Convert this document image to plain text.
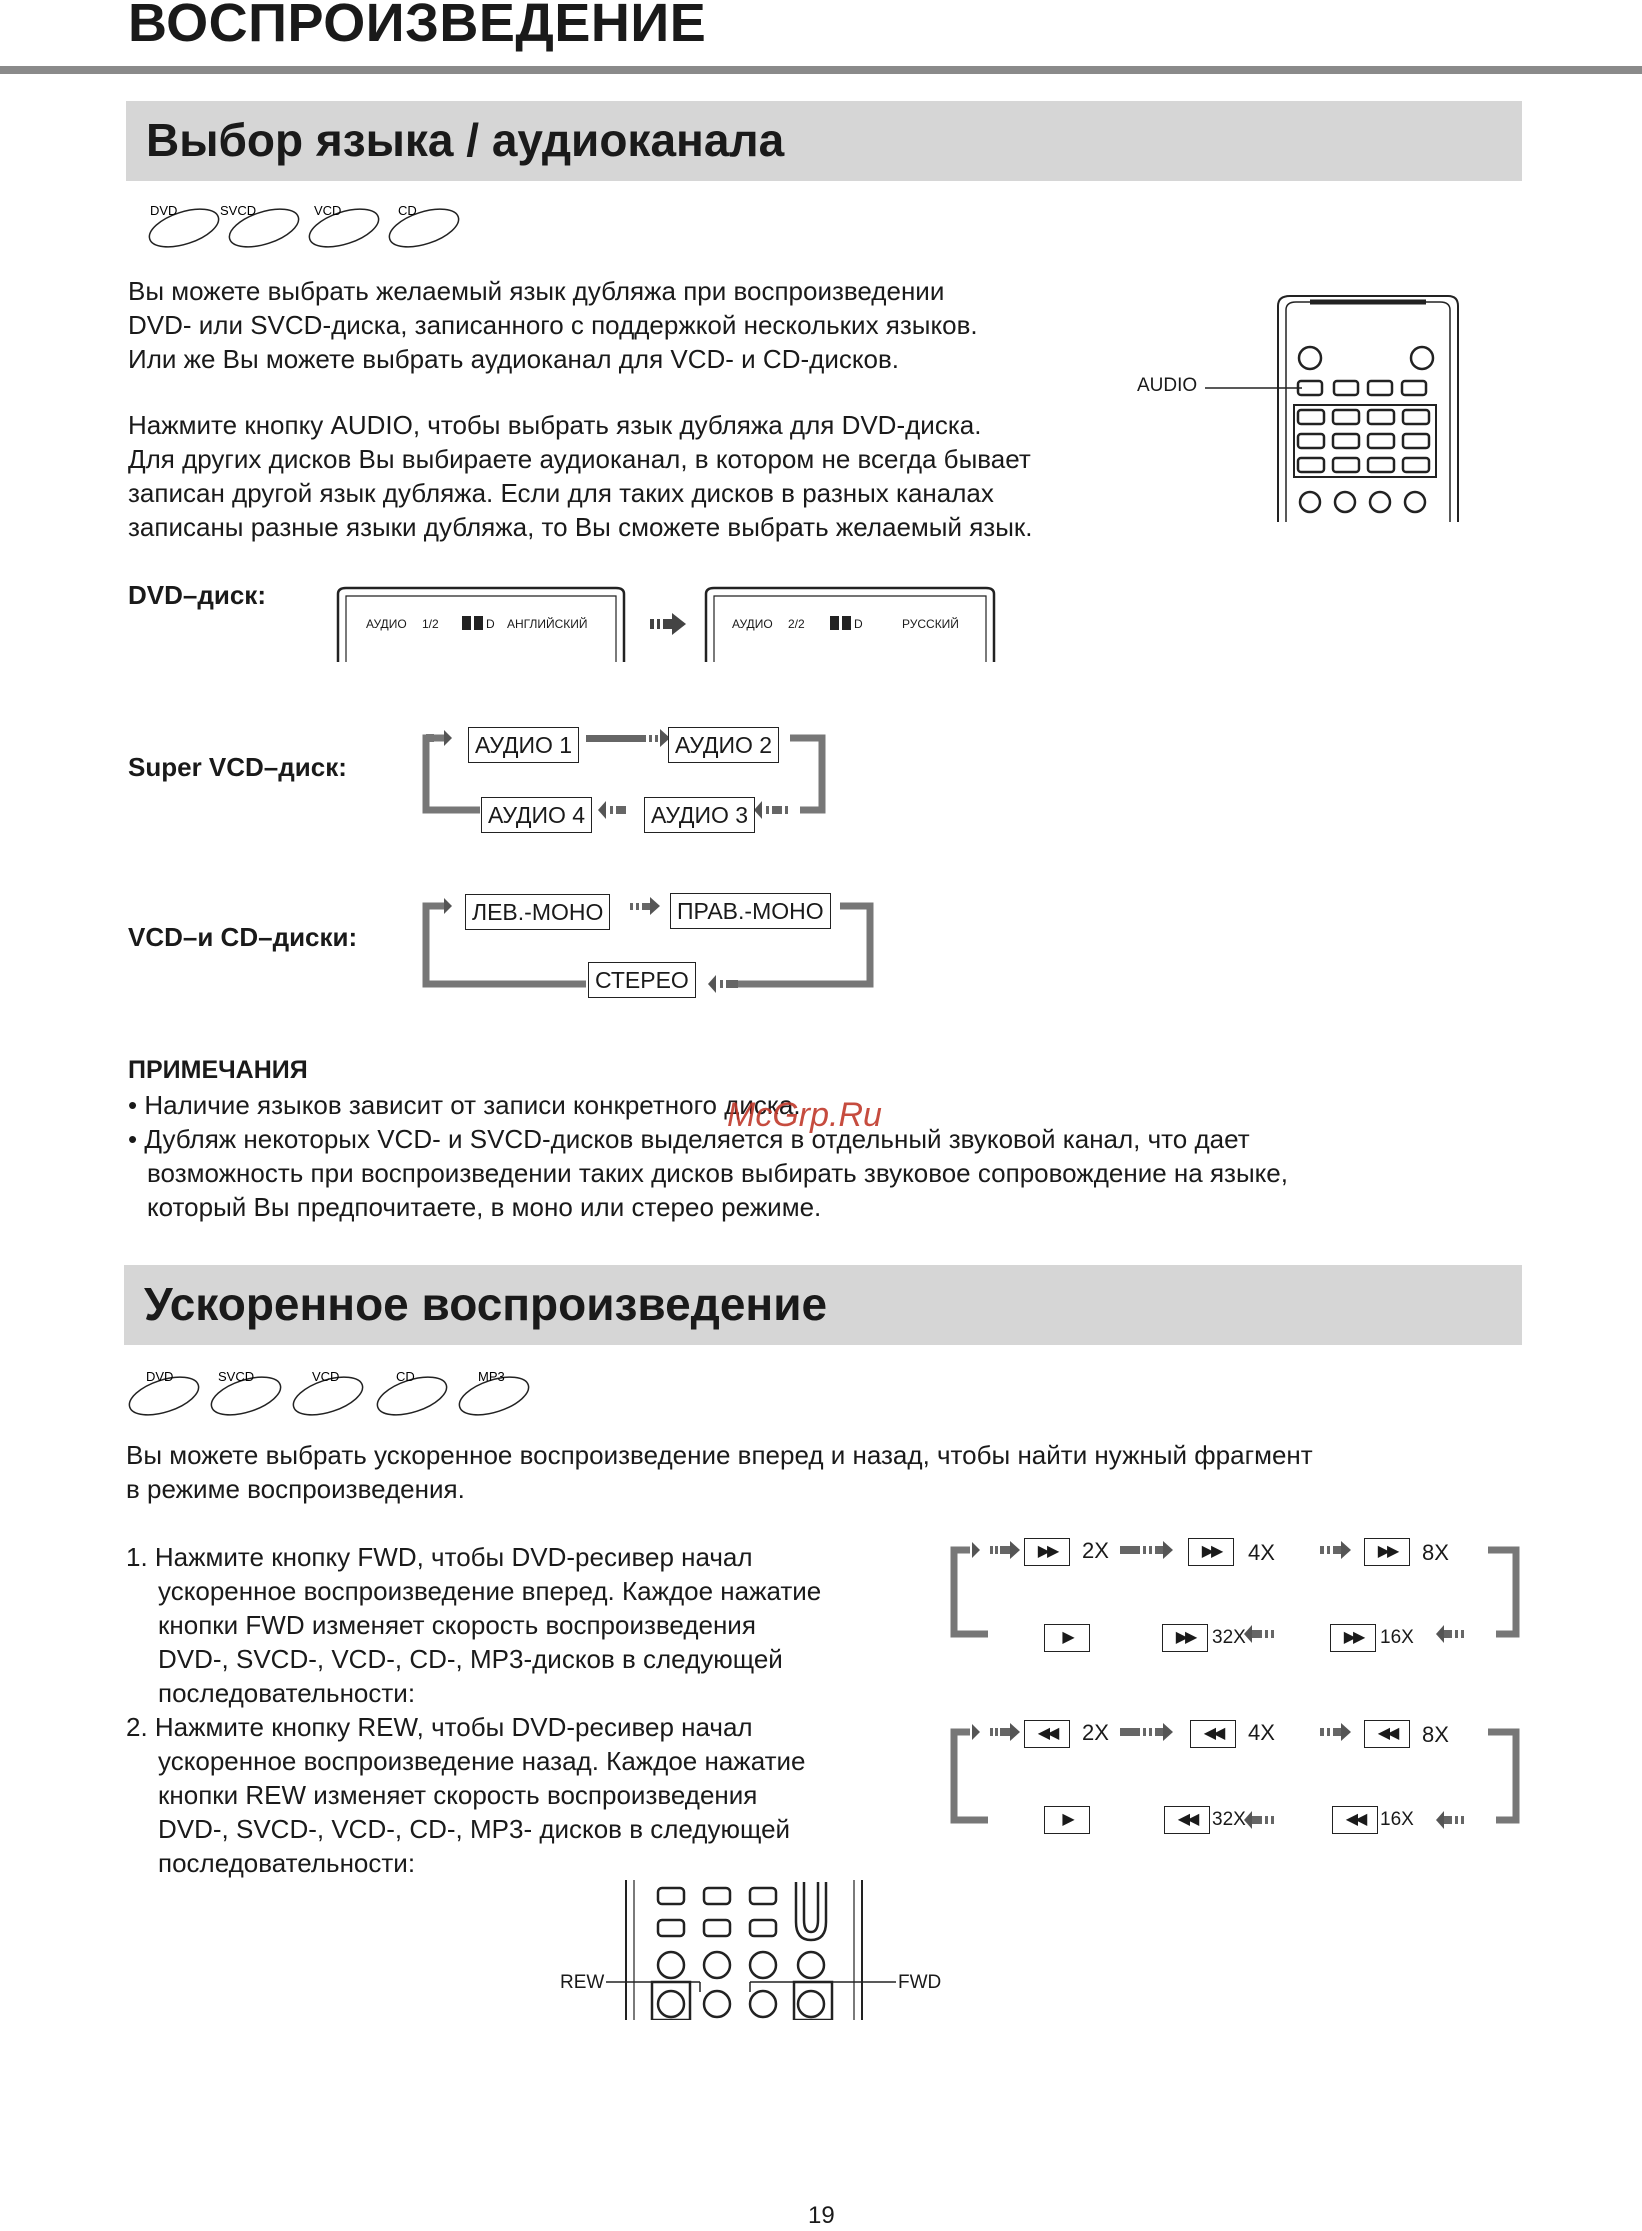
ВОСПРОИЗВЕДЕНИЕ
Выбор языка / аудиоканала
DVD	SVCD	VCD	CD
Вы можете выбрать желаемый язык дубляжа при воспроизведении
DVD- или SVCD-диска, записанного с поддержкой нескольких языков.
Или же Вы можете выбрать аудиоканал для VCD- и CD-дисков.
Нажмите кнопку AUDIO, чтобы выбрать язык дубляжа для DVD-диска.
Для других дисков Вы выбираете аудиоканал, в котором не всегда бывает
записан другой язык дубляжа. Если для таких дисков в разных каналах
записаны разные языки дубляжа, то Вы сможете выбрать желаемый язык.
AUDIO
DVD–диск:
АУДИО 1/2	D АНГЛИЙСКИЙ	АУДИО 2/2	D	РУССКИЙ
Super VCD–диск:
АУДИО 1	АУДИО 2
АУДИО 3
АУДИО 4
VCD–и CD–диски:
ЛЕВ.-МОНО	ПРАВ.-МОНО
СТЕРЕО
ПРИМЕЧАНИЯ
• Наличие языков зависит от записи конкретного диска.
• Дубляж некоторых VCD- и SVCD-дисков выделяется в отдельный звуковой канал, что дает
возможность при воспроизведении таких дисков выбирать звуковое сопровождение на языке,
который Вы предпочитаете, в моно или стерео режиме.
McGrp.Ru
Ускоренное воспроизведение
DVD	SVCD	VCD	CD	MP3
Вы можете выбрать ускоренное воспроизведение вперед и назад, чтобы найти нужный фрагмент
в режиме воспроизведения.
1. Нажмите кнопку FWD, чтобы DVD-ресивер начал
ускоренное воспроизведение вперед. Каждое нажатие
кнопки FWD изменяет скорость воспроизведения
DVD-, SVCD-, VCD-, CD-, MP3-дисков в следующей
последовательности:
2. Нажмите кнопку REW, чтобы DVD-ресивер начал
ускоренное воспроизведение назад. Каждое нажатие
кнопки REW изменяет скорость воспроизведения
DVD-, SVCD-, VCD-, CD-, MP3- дисков в следующей
последовательности:
▶▶	2X	▶▶	4X	▶▶	8X
▶	▶▶ 32X	▶▶ 16X
◀◀	2X	◀◀	4X	◀◀	8X
▶	◀◀ 32X	◀◀ 16X
REW	FWD
19
